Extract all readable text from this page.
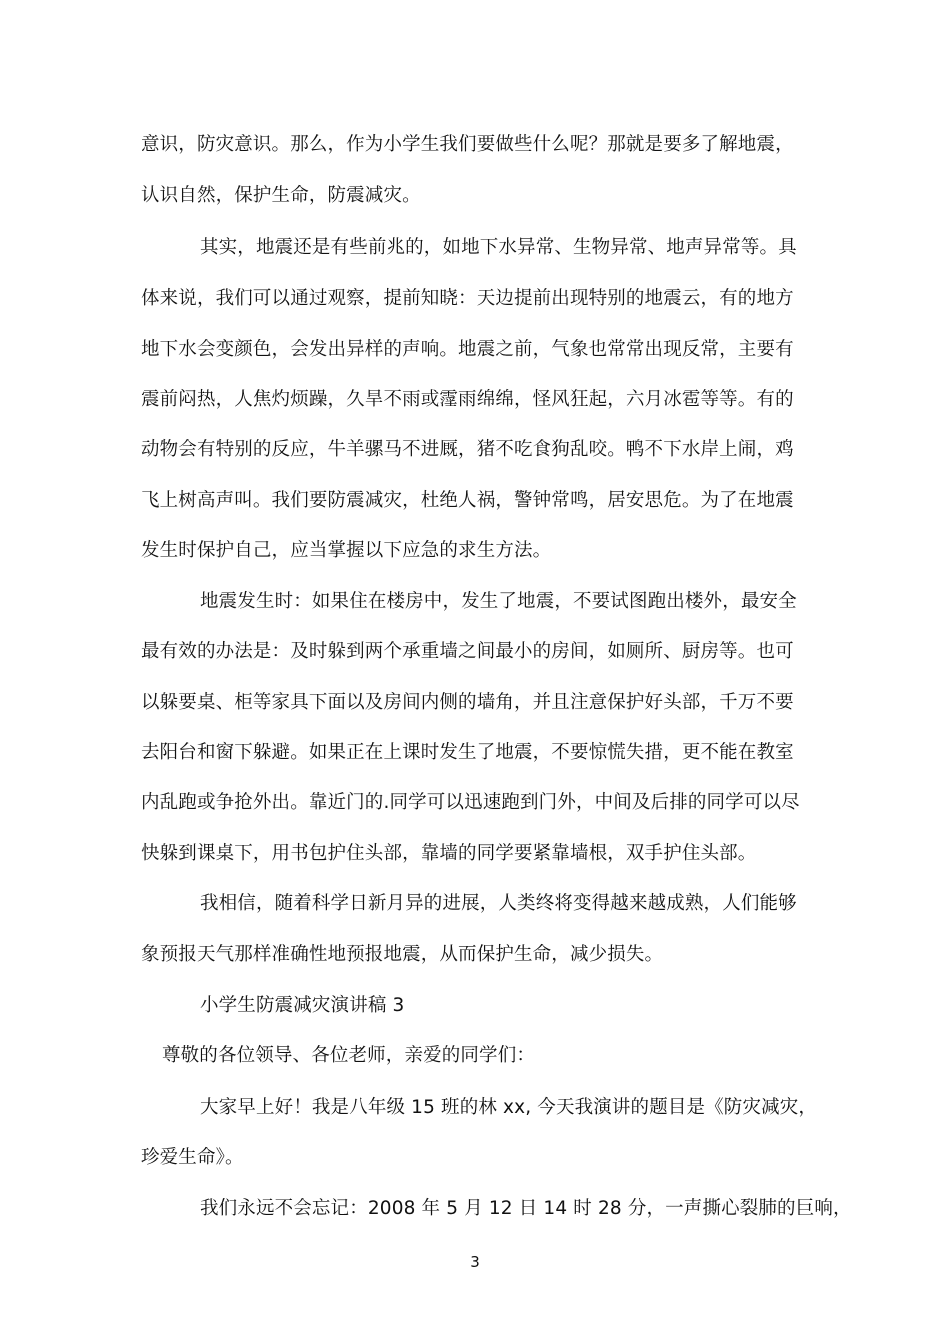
意识，防灾意识。那么，作为小学生我们要做些什么呢？那就是要多了解地震，
认识自然，保护生命，防震减灾。
其实，地震还是有些前兆的，如地下水异常、生物异常、地声异常等。具
体来说，我们可以通过观察，提前知晓：天边提前出现特别的地震云，有的地方
地下水会变颜色，会发出异样的声响。地震之前，气象也常常出现反常，主要有
震前闷热，人焦灼烦躁，久旱不雨或霪雨绵绵，怪风狂起，六月冰雹等等。有的
动物会有特别的反应，牛羊骡马不进厩，猪不吃食狗乱咬。鸭不下水岸上闹，鸡
飞上树高声叫。我们要防震减灾，杜绝人祸，警钟常鸣，居安思危。为了在地震
发生时保护自己，应当掌握以下应急的求生方法。
地震发生时：如果住在楼房中，发生了地震，不要试图跑出楼外，最安全
最有效的办法是：及时躲到两个承重墙之间最小的房间，如厕所、厨房等。也可
以躲要桌、柜等家具下面以及房间内侧的墙角，并且注意保护好头部，千万不要
去阳台和窗下躲避。如果正在上课时发生了地震，不要惊慌失措，更不能在教室
内乱跑或争抢外出。靠近门的.同学可以迅速跑到门外，中间及后排的同学可以尽
快躲到课桌下，用书包护住头部，靠墙的同学要紧靠墙根，双手护住头部。
我相信，随着科学日新月异的进展，人类终将变得越来越成熟，人们能够
象预报天气那样准确性地预报地震，从而保护生命，减少损失。
小学生防震减灾演讲稿 3
尊敬的各位领导、各位老师，亲爱的同学们：
大家早上好！我是八年级 15 班的林 xx, 今天我演讲的题目是《防灾减灾，
珍爱生命》。
我们永远不会忘记：2008 年 5 月 12 日 14 时 28 分，一声撕心裂肺的巨响，
3
